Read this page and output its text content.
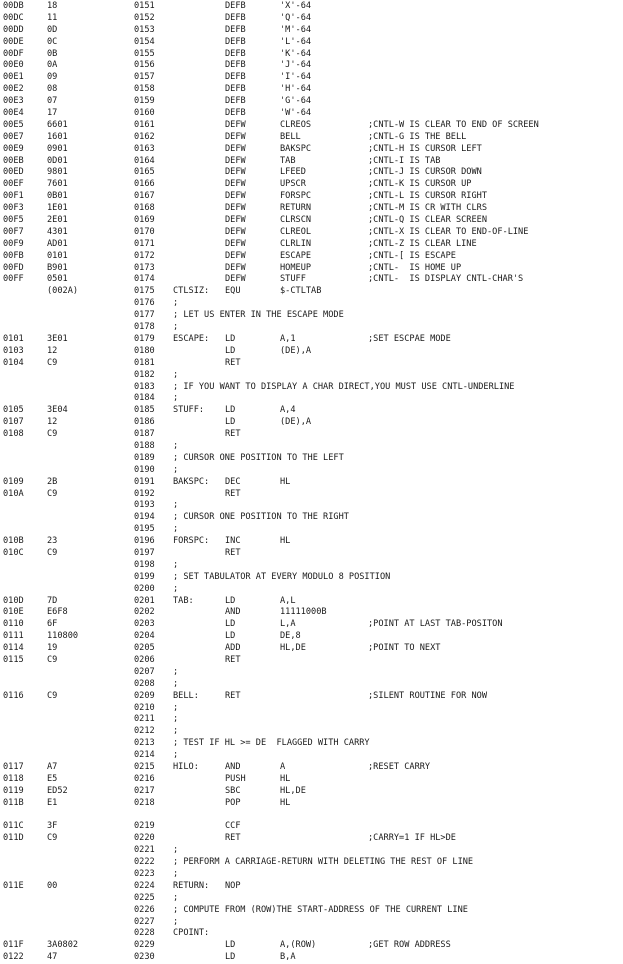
00DB	18	0151	DEFB	'X'-64
00DC	11	0152	DEFB	'Q'-64
00DD	0D	0153	DEFB	'M'-64
00DE	0C	0154	DEFB	'L'-64
00DF	0B	0155	DEFB	'K'-64
00E0	0A	0156	DEFB	'J'-64
00E1	09	0157	DEFB	'I'-64
00E2	08	0158	DEFB	'H'-64
00E3	07	0159	DEFB	'G'-64
00E4	17	0160	DEFB	'W'-64
00E5	6601	0161	DEFW	CLREOS	;CNTL-W IS CLEAR TO END OF SCREEN
00E7	1601	0162	DEFW	BELL	;CNTL-G IS THE BELL
00E9	0901	0163	DEFW	BAKSPC	;CNTL-H IS CURSOR LEFT
00EB	0D01	0164	DEFW	TAB	;CNTL-I IS TAB
00ED	9801	0165	DEFW	LFEED	;CNTL-J IS CURSOR DOWN
00EF	7601	0166	DEFW	UPSCR	;CNTL-K IS CURSOR UP
00F1	0B01	0167	DEFW	FORSPC	;CNTL-L IS CURSOR RIGHT
00F3	1E01	0168	DEFW	RETURN	;CNTL-M IS CR WITH CLRS
00F5	2E01	0169	DEFW	CLRSCN	;CNTL-Q IS CLEAR SCREEN
00F7	4301	0170	DEFW	CLREOL	;CNTL-X IS CLEAR TO END-OF-LINE
00F9	AD01	0171	DEFW	CLRLIN	;CNTL-Z IS CLEAR LINE
00FB	0101	0172	DEFW	ESCAPE	;CNTL-[ IS ESCAPE
00FD	B901	0173	DEFW	HOMEUP	;CNTL-  IS HOME UP
00FF	0501	0174	DEFW	STUFF	;CNTL-  IS DISPLAY CNTL-CHAR'S
(002A)	0175 CTLSIZ: EQU	$-CTLTAB
0176 ;
0177 ; LET US ENTER IN THE ESCAPE MODE
0178 ;
0101	3E01	0179 ESCAPE: LD	A,1	;SET ESCPAE MODE
0103	12	0180	LD	(DE),A
0104	C9	0181	RET
0182 ;
0183 ; IF YOU WANT TO DISPLAY A CHAR DIRECT,YOU MUST USE CNTL-UNDERLINE
0184 ;
0105	3E04	0185 STUFF: LD	A,4
0107	12	0186	LD	(DE),A
0108	C9	0187	RET
0188 ;
0189 ; CURSOR ONE POSITION TO THE LEFT
0190 ;
0109	2B	0191 BAKSPC: DEC	HL
010A	C9	0192	RET
0193 ;
0194 ; CURSOR ONE POSITION TO THE RIGHT
0195 ;
010B	23	0196 FORSPC: INC	HL
010C	C9	0197	RET
0198 ;
0199 ; SET TABULATOR AT EVERY MODULO 8 POSITION
0200 ;
010D	7D	0201 TAB:	LD	A,L
010E	E6F8	0202	AND	11111000B
0110	6F	0203	LD	L,A	;POINT AT LAST TAB-POSITON
0111	110800	0204	LD	DE,8
0114	19	0205	ADD	HL,DE	;POINT TO NEXT
0115	C9	0206	RET
0207 ;
0208 ;
0116	C9	0209 BELL:	RET	;SILENT ROUTINE FOR NOW
0210 ;
0211 ;
0212 ;
0213 ; TEST IF HL >= DE  FLAGGED WITH CARRY
0214 ;
0117	A7	0215 HILO:	AND	A	;RESET CARRY
0118	E5	0216	PUSH	HL
0119	ED52	0217	SBC	HL,DE
011B	E1	0218	POP	HL
011C	3F	0219	CCF
011D	C9	0220	RET	;CARRY=1 IF HL>DE
0221 ;
0222 ; PERFORM A CARRIAGE-RETURN WITH DELETING THE REST OF LINE
0223 ;
011E	00	0224 RETURN: NOP
0225 ;
0226 ; COMPUTE FROM (ROW)THE START-ADDRESS OF THE CURRENT LINE
0227 ;
0228 CPOINT:
011F	3A0802	0229	LD	A,(ROW)	;GET ROW ADDRESS
0122	47	0230	LD	B,A
